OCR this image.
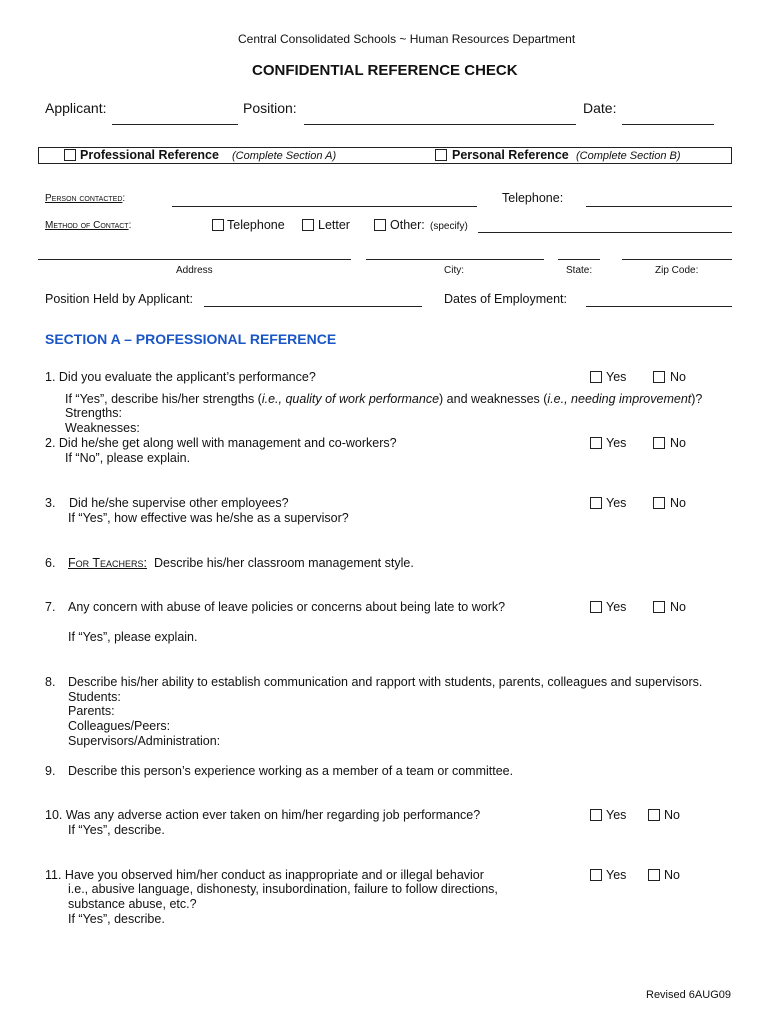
Central Consolidated Schools ~ Human Resources Department
CONFIDENTIAL REFERENCE CHECK
Applicant:	Position:	Date:
Professional Reference (Complete Section A)	Personal Reference (Complete Section B)
Person contacted:	Telephone:
Method of Contact:	Telephone	Letter	Other: (specify)
Address	City:	State:	Zip Code:
Position Held by Applicant:	Dates of Employment:
SECTION A – PROFESSIONAL REFERENCE
1. Did you evaluate the applicant’s performance?	Yes	No
If “Yes”, describe his/her strengths (i.e., quality of work performance) and weaknesses (i.e., needing improvement)?
Strengths:
Weaknesses:
2. Did he/she get along well with management and co-workers?	Yes	No
If “No”, please explain.
3. Did he/she supervise other employees?	Yes	No
If “Yes”, how effective was he/she as a supervisor?
6. For Teachers: Describe his/her classroom management style.
7. Any concern with abuse of leave policies or concerns about being late to work?	Yes	No
If “Yes”, please explain.
8. Describe his/her ability to establish communication and rapport with students, parents, colleagues and supervisors.
Students:
Parents:
Colleagues/Peers:
Supervisors/Administration:
9. Describe this person’s experience working as a member of a team or committee.
10. Was any adverse action ever taken on him/her regarding job performance?	Yes	No
If “Yes”, describe.
11. Have you observed him/her conduct as inappropriate and or illegal behavior	Yes	No
i.e., abusive language, dishonesty, insubordination, failure to follow directions,
substance abuse, etc.?
If “Yes”, describe.
Revised 6AUG09
